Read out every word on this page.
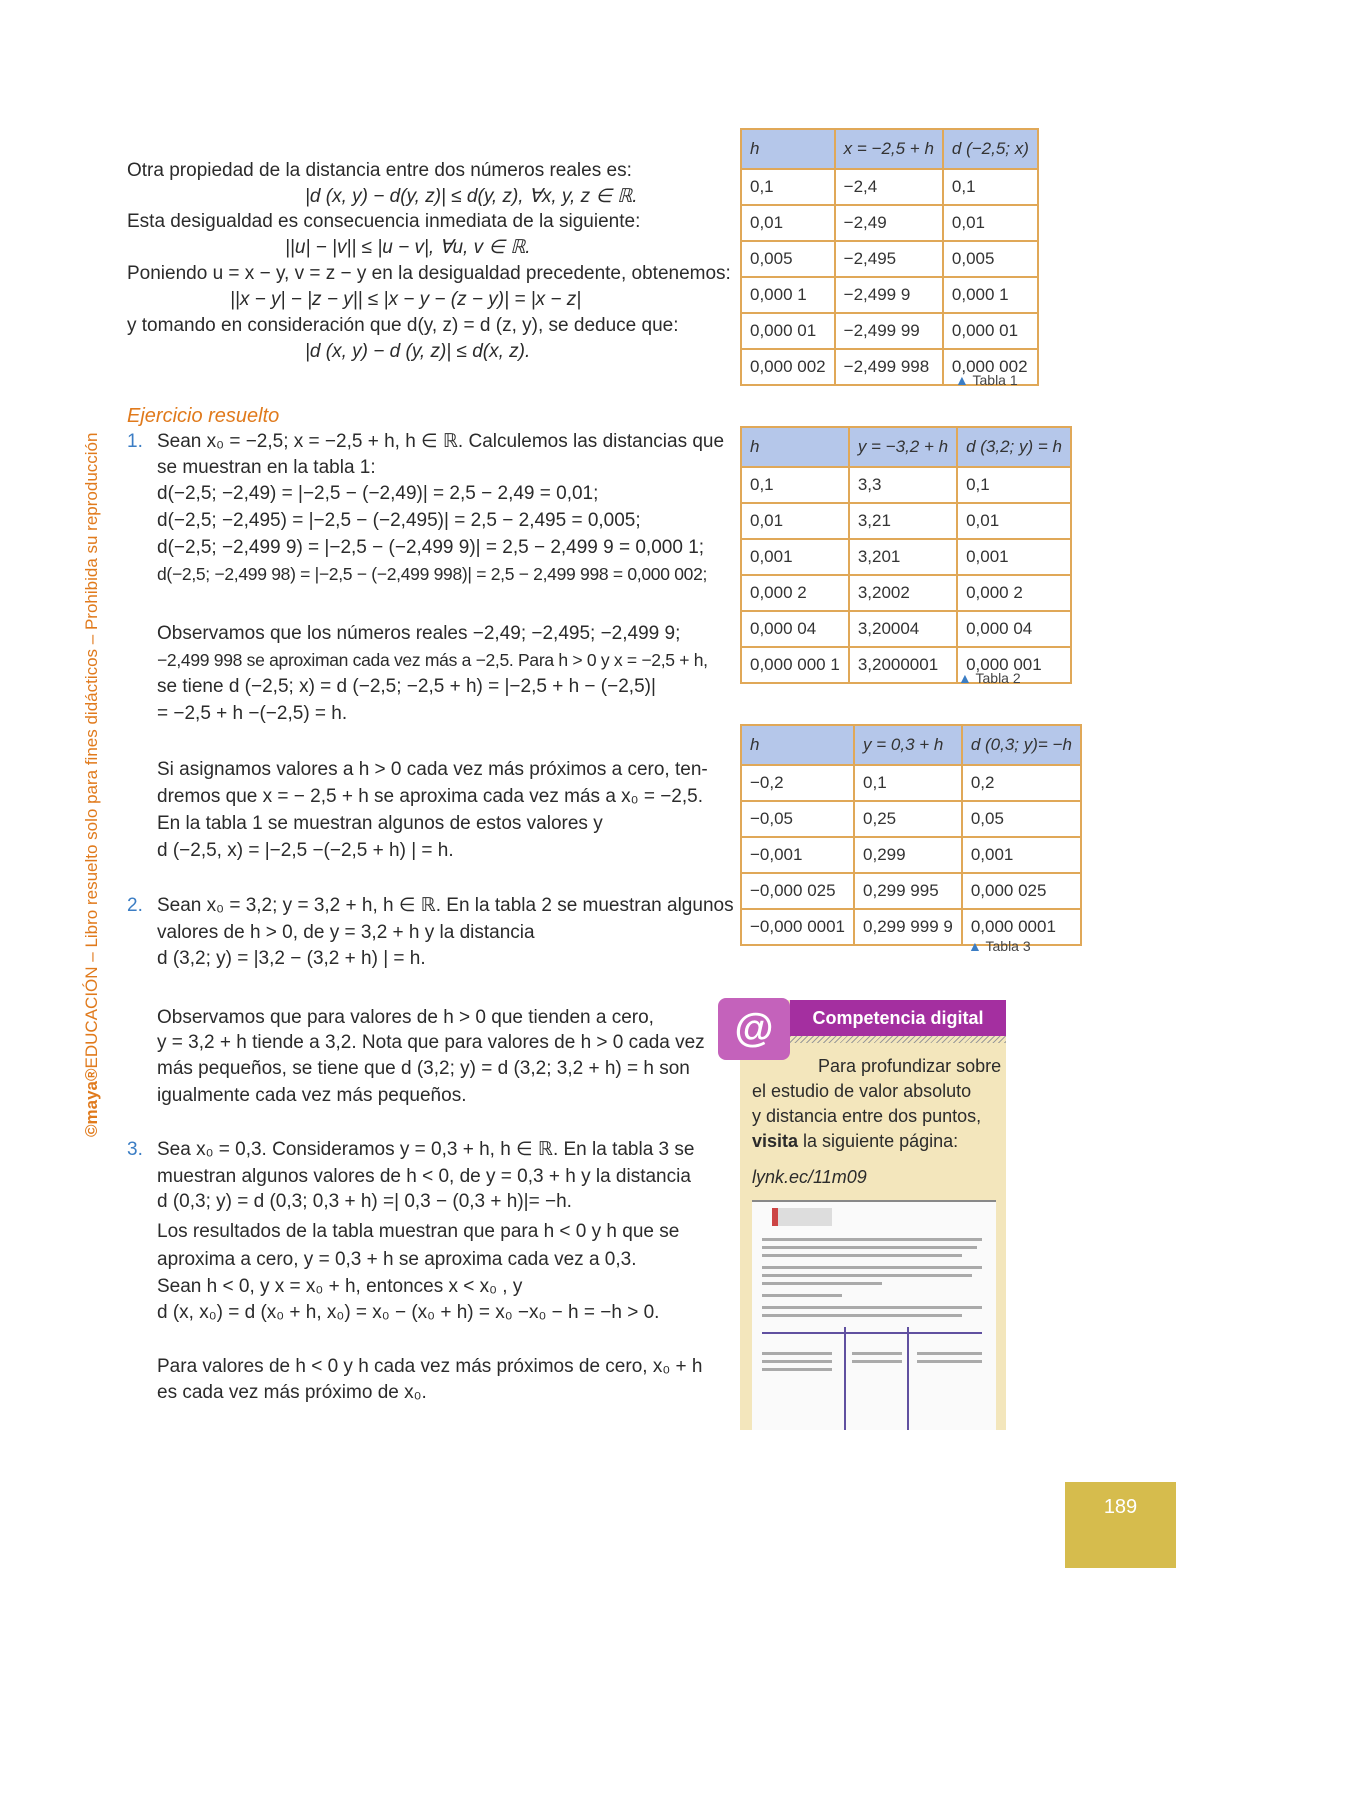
©maya®EDUCACIÓN – Libro resuelto solo para fines didácticos – Prohibida su reproducción
Otra propiedad de la distancia entre dos números reales es:
|d (x, y) − d(y, z)| ≤ d(y, z), ∀x, y, z ∈ ℝ.
Esta desigualdad es consecuencia inmediata de la siguiente:
||u| − |v|| ≤ |u − v|, ∀u, v ∈ ℝ.
Poniendo u = x − y, v = z − y en la desigualdad precedente, obtenemos:
||x − y| − |z − y|| ≤ |x − y − (z − y)| = |x − z|
y tomando en consideración que d(y, z) = d (z, y), se deduce que:
|d (x, y) − d (y, z)| ≤ d(x, z).
Ejercicio resuelto
1. Sean x₀ = −2,5; x = −2,5 + h, h ∈ ℝ. Calculemos las distancias que
se muestran en la tabla 1:
d(−2,5; −2,49) = |−2,5 − (−2,49)| = 2,5 − 2,49 = 0,01;
d(−2,5; −2,495) = |−2,5 − (−2,495)| = 2,5 − 2,495 = 0,005;
d(−2,5; −2,499 9) = |−2,5 − (−2,499 9)| = 2,5 − 2,499 9 = 0,000 1;
d(−2,5; −2,499 98) = |−2,5 − (−2,499 998)| = 2,5 − 2,499 998 = 0,000 002;
Observamos que los números reales −2,49; −2,495; −2,499 9;
−2,499 998 se aproximan cada vez más a −2,5. Para h > 0 y x = −2,5 + h,
se tiene d (−2,5; x) = d (−2,5; −2,5 + h) = |−2,5 + h − (−2,5)|
= −2,5 + h −(−2,5) = h.
Si asignamos valores a h > 0 cada vez más próximos a cero, ten-
dremos que x = − 2,5 + h se aproxima cada vez más a x₀ = −2,5.
En la tabla 1 se muestran algunos de estos valores y
d (−2,5, x) = |−2,5 −(−2,5 + h) | = h.
2. Sean x₀ = 3,2; y = 3,2 + h, h ∈ ℝ. En la tabla 2 se muestran algunos
valores de h > 0, de y = 3,2 + h y la distancia
d (3,2; y) = |3,2 − (3,2 + h) | = h.
Observamos que para valores de h > 0 que tienden a cero,
y = 3,2 + h tiende a 3,2. Nota que para valores de h > 0 cada vez
más pequeños, se tiene que d (3,2; y) = d (3,2; 3,2 + h) = h son
igualmente cada vez más pequeños.
3. Sea x₀ = 0,3. Consideramos y = 0,3 + h, h ∈ ℝ. En la tabla 3 se
muestran algunos valores de h < 0, de y = 0,3 + h y la distancia
d (0,3; y) = d (0,3; 0,3 + h) =| 0,3 − (0,3 + h)|= −h.
Los resultados de la tabla muestran que para h < 0 y h que se
aproxima a cero, y = 0,3 + h se aproxima cada vez a 0,3.
Sean h < 0, y x = x₀ + h, entonces x < x₀ , y
d (x, x₀) = d (x₀ + h, x₀) = x₀ − (x₀ + h) = x₀ −x₀ − h = −h > 0.
Para valores de h < 0 y h cada vez más próximos de cero, x₀ + h
es cada vez más próximo de x₀.
h	x = −2,5 + h	d (−2,5; x)
0,1	−2,4	0,1
0,01	−2,49	0,01
0,005	−2,495	0,005
0,000 1	−2,499 9	0,000 1
0,000 01	−2,499 99	0,000 01
0,000 002	−2,499 998	0,000 002
▲ Tabla 1
h	y = −3,2 + h	d (3,2; y) = h
0,1	3,3	0,1
0,01	3,21	0,01
0,001	3,201	0,001
0,000 2	3,2002	0,000 2
0,000 04	3,20004	0,000 04
0,000 000 1	3,2000001	0,000 001
▲ Tabla 2
h	y = 0,3 + h	d (0,3; y)= −h
−0,2	0,1	0,2
−0,05	0,25	0,05
−0,001	0,299	0,001
−0,000 025	0,299 995	0,000 025
−0,000 0001	0,299 999 9	0,000 0001
▲ Tabla 3
Competencia digital
@
Para profundizar sobre
el estudio de valor absoluto
y distancia entre dos puntos,
visita la siguiente página:
lynk.ec/11m09
189
